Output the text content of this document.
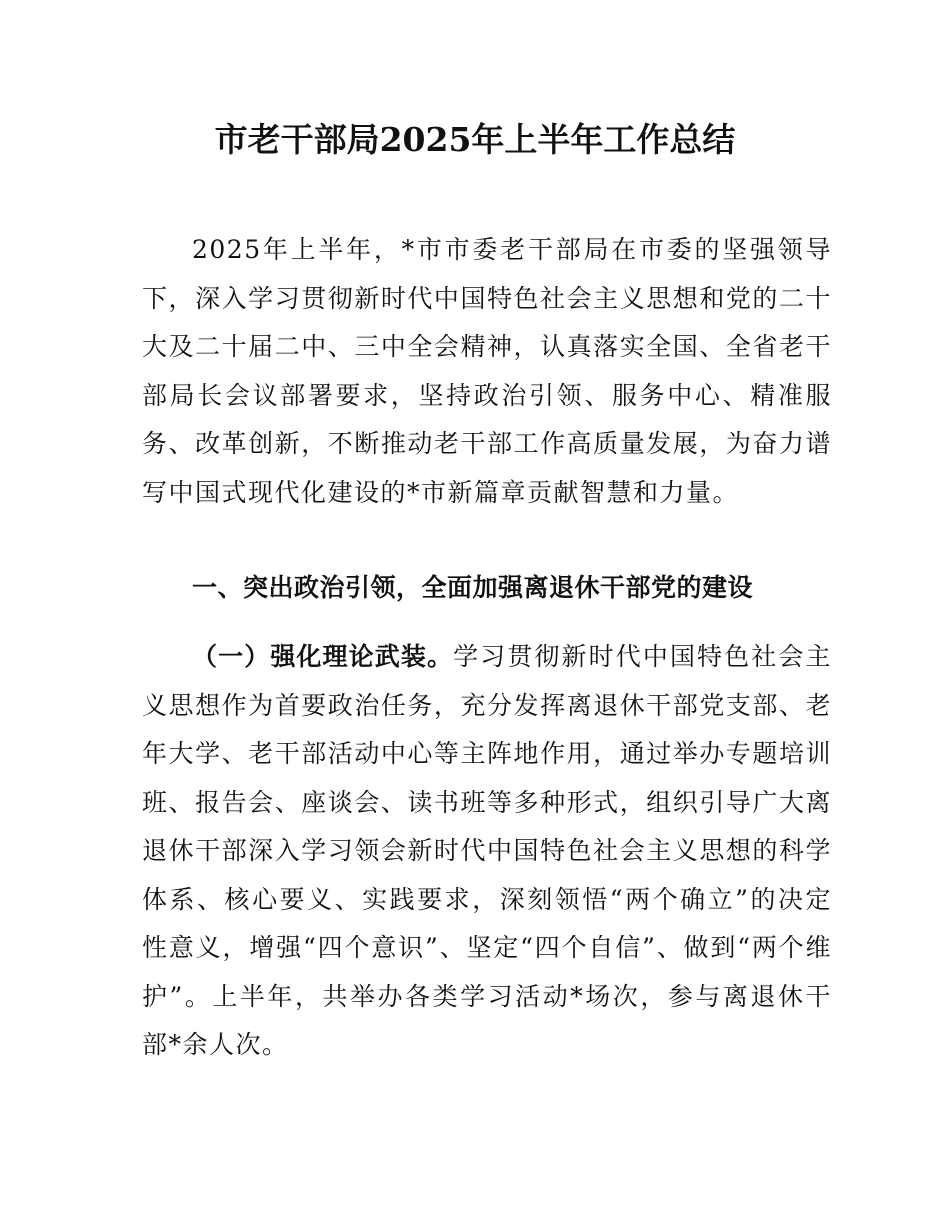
市老干部局2025年上半年工作总结

2025年上半年，*市市委老干部局在市委的坚强领导下，深入学习贯彻新时代中国特色社会主义思想和党的二十大及二十届二中、三中全会精神，认真落实全国、全省老干部局长会议部署要求，坚持政治引领、服务中心、精准服务、改革创新，不断推动老干部工作高质量发展，为奋力谱写中国式现代化建设的*市新篇章贡献智慧和力量。

一、突出政治引领，全面加强离退休干部党的建设

（一）强化理论武装。学习贯彻新时代中国特色社会主义思想作为首要政治任务，充分发挥离退休干部党支部、老年大学、老干部活动中心等主阵地作用，通过举办专题培训班、报告会、座谈会、读书班等多种形式，组织引导广大离退休干部深入学习领会新时代中国特色社会主义思想的科学体系、核心要义、实践要求，深刻领悟“两个确立”的决定性意义，增强“四个意识”、坚定“四个自信”、做到“两个维护”。上半年，共举办各类学习活动*场次，参与离退休干部*余人次。
